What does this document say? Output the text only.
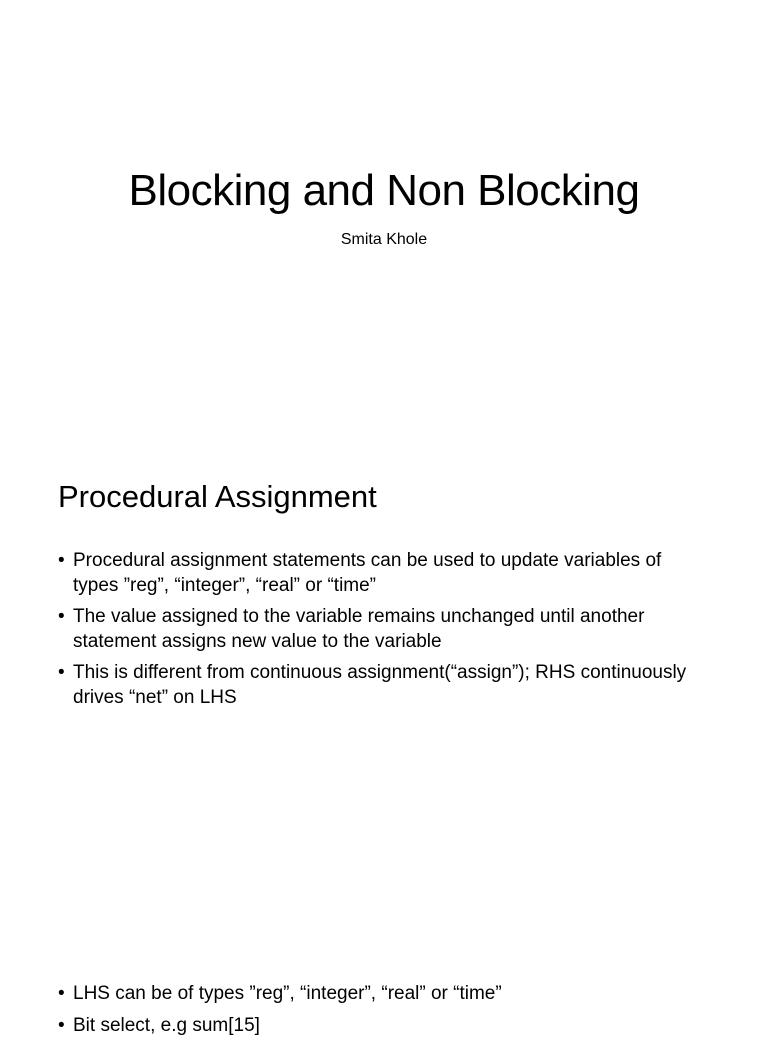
Blocking and Non Blocking
Smita Khole
Procedural Assignment
• Procedural assignment statements can be used to update variables of types ”reg”, “integer”, “real” or “time”
• The value assigned to the variable remains unchanged until another statement assigns new value to the variable
• This is different from continuous assignment(“assign”); RHS continuously drives “net” on LHS
• LHS can be of types ”reg”, “integer”, “real” or “time”
• Bit select, e.g sum[15]
